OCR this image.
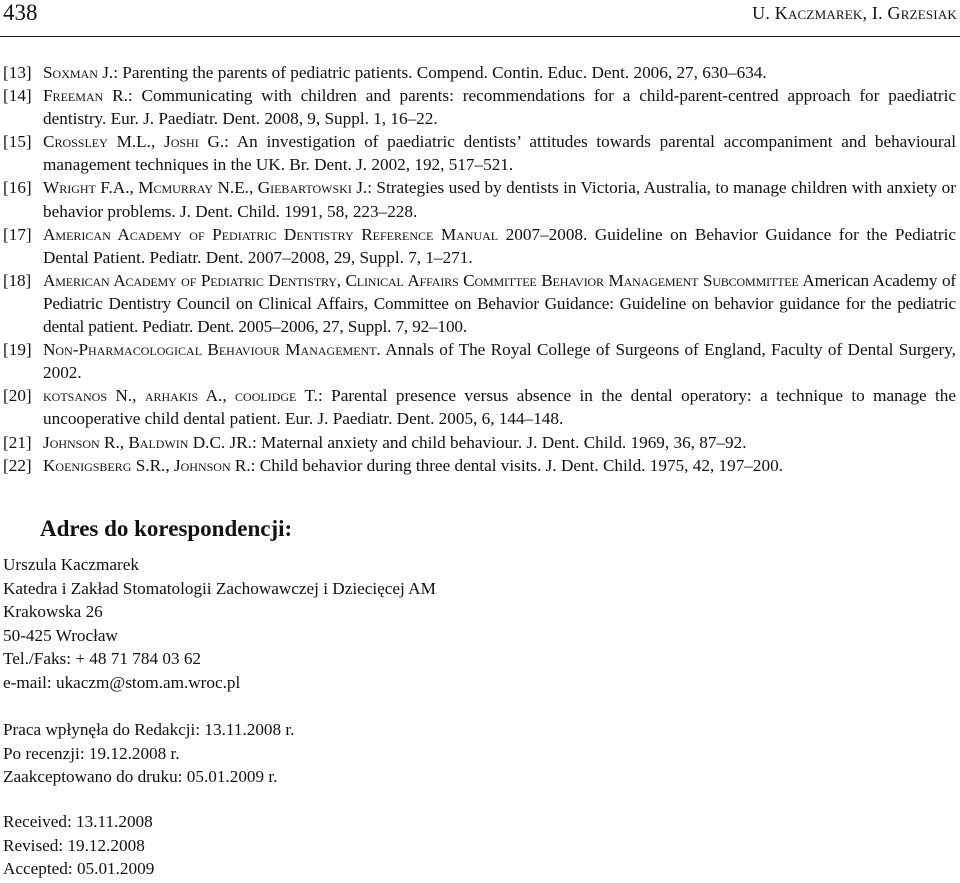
438	U. Kaczmarek, I. Grzesiak
[13] Soxman J.: Parenting the parents of pediatric patients. Compend. Contin. Educ. Dent. 2006, 27, 630–634.
[14] Freeman R.: Communicating with children and parents: recommendations for a child-parent-centred approach for paediatric dentistry. Eur. J. Paediatr. Dent. 2008, 9, Suppl. 1, 16–22.
[15] Crossley M.L., Joshi G.: An investigation of paediatric dentists’ attitudes towards parental accompaniment and behavioural management techniques in the UK. Br. Dent. J. 2002, 192, 517–521.
[16] Wright F.A., Mcmurray N.E., Giebartowski J.: Strategies used by dentists in Victoria, Australia, to manage children with anxiety or behavior problems. J. Dent. Child. 1991, 58, 223–228.
[17] American Academy of Pediatric Dentistry Reference Manual 2007–2008. Guideline on Behavior Guidance for the Pediatric Dental Patient. Pediatr. Dent. 2007–2008, 29, Suppl. 7, 1–271.
[18] American Academy of Pediatric Dentistry, Clinical Affairs Committee Behavior Management Subcommittee American Academy of Pediatric Dentistry Council on Clinical Affairs, Committee on Behavior Guidance: Guideline on behavior guidance for the pediatric dental patient. Pediatr. Dent. 2005–2006, 27, Suppl. 7, 92–100.
[19] Non-Pharmacological Behaviour Management. Annals of The Royal College of Surgeons of England, Faculty of Dental Surgery, 2002.
[20] kotsanos N., arhakis A., coolidge T.: Parental presence versus absence in the dental operatory: a technique to manage the uncooperative child dental patient. Eur. J. Paediatr. Dent. 2005, 6, 144–148.
[21] Johnson R., Baldwin D.C. JR.: Maternal anxiety and child behaviour. J. Dent. Child. 1969, 36, 87–92.
[22] Koenigsberg S.R., Johnson R.: Child behavior during three dental visits. J. Dent. Child. 1975, 42, 197–200.
Adres do korespondencji:
Urszula Kaczmarek
Katedra i Zakład Stomatologii Zachowawczej i Dziecięcej AM
Krakowska 26
50-425 Wrocław
Tel./Faks: + 48 71 784 03 62
e-mail: ukaczm@stom.am.wroc.pl
Praca wpłynęła do Redakcji: 13.11.2008 r.
Po recenzji: 19.12.2008 r.
Zaakceptowano do druku: 05.01.2009 r.
Received: 13.11.2008
Revised: 19.12.2008
Accepted: 05.01.2009
